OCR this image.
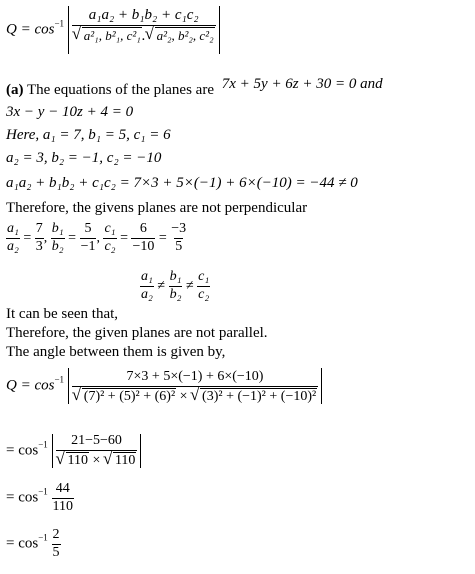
$Q = \cos^{-1} a_1a_2 + b_1b_2 + c_1c_2$
√ a²₁, b²₁, c²₁. √ a²₂, b²₂, c²₂
(a) The equations of the planes are 7x + 5y + 6z + 30 = 0 and
3x − y − 10z + 4 = 0
Here, a₁ = 7, b₁ = 5, c₁ = 6
a₂ = 3, b₂ = −1, c₂ = −10
a₁a₂ + b₁b₂ + c₁c₂ = 7×3 + 5×(−1) + 6×(−10) = −44 ≠ 0
Therefore, the givens planes are not perpendicular
$\frac{\text{a₁}}{\text{a₂}} = \frac{7}{3}$ , $\frac{\text{b₁}}{\text{b₂}} = \frac{5}{-1}$ , $\frac{\text{c₁}}{\text{c₂}} = \frac{6}{-10} = \frac{-3}{5}$
$\frac{\text{a₁}}{\text{a₂}} \ne \frac{\text{b₁}}{\text{b₂}} \ne \frac{\text{c₁}}{\text{c₂}}$
It can be seen that,
Therefore, the given planes are not parallel.
The angle between them is given by,
$Q = \cos^{-1} 7\times 3 + 5\times(-1) + 6\times(-10)$
√ (7)² + (5)² + (6)² × √ (3)² + (−1)² + (−10)²
= $\cos^{-1} 21-5-60$
√ 110 × √ 110
= $\cos^{-1} \frac{44}{110}$
= $\cos^{-1} \frac{2}{5}$
